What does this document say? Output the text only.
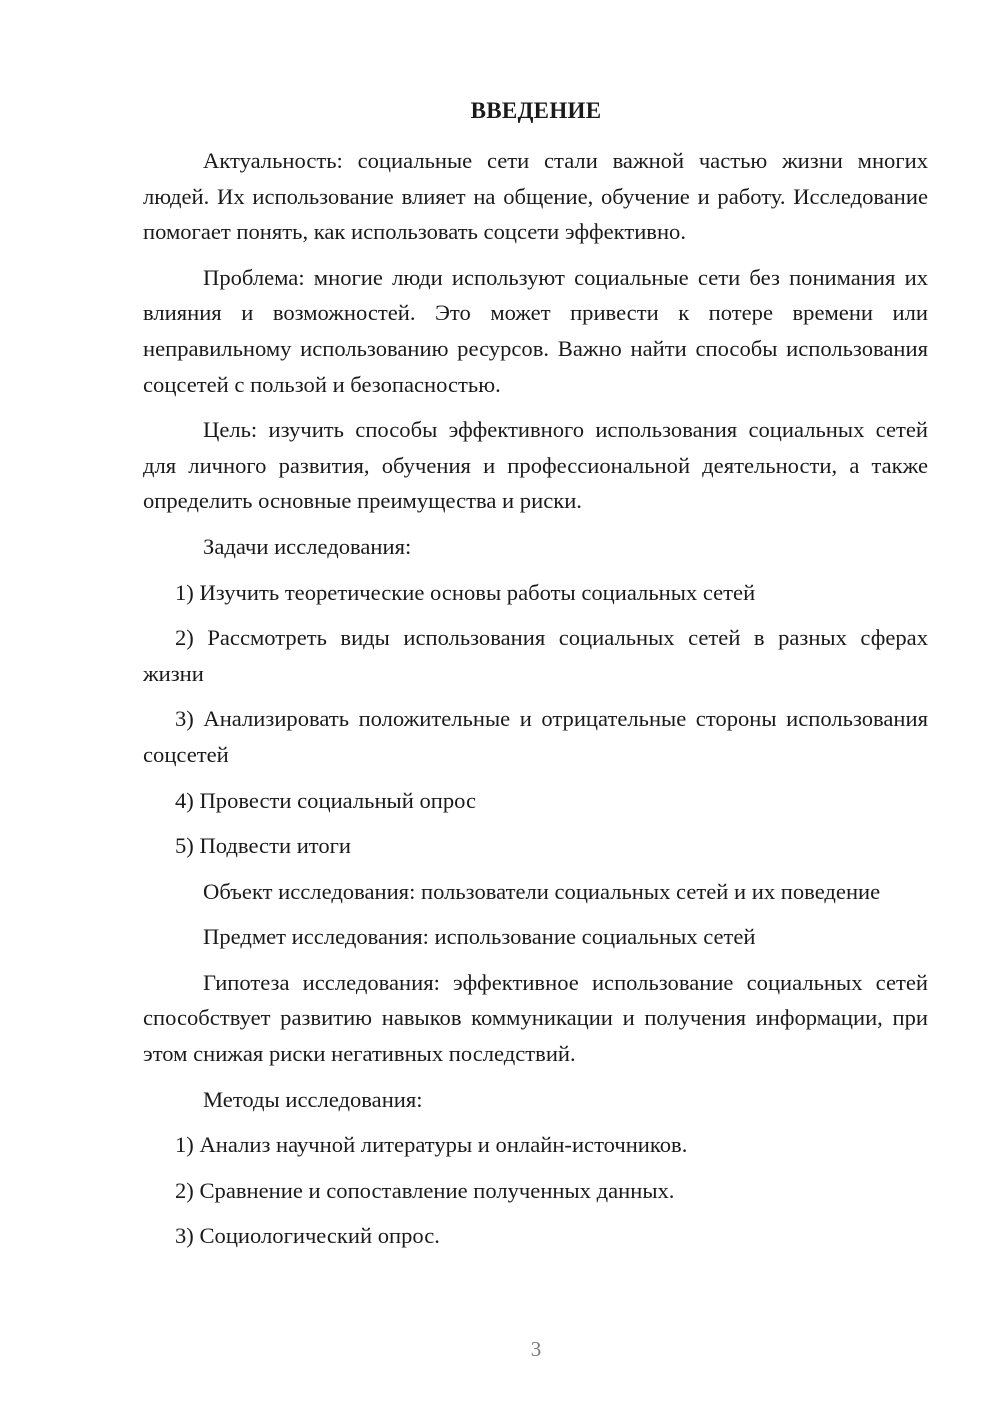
ВВЕДЕНИЕ

Актуальность: социальные сети стали важной частью жизни многих людей. Их использование влияет на общение, обучение и работу. Исследование помогает понять, как использовать соцсети эффективно.

Проблема: многие люди используют социальные сети без понимания их влияния и возможностей. Это может привести к потере времени или неправильному использованию ресурсов. Важно найти способы использования соцсетей с пользой и безопасностью.

Цель: изучить способы эффективного использования социальных сетей для личного развития, обучения и профессиональной деятельности, а также определить основные преимущества и риски.

Задачи исследования:

1) Изучить теоретические основы работы социальных сетей

2) Рассмотреть виды использования социальных сетей в разных сферах жизни

3) Анализировать положительные и отрицательные стороны использования соцсетей

4) Провести социальный опрос

5) Подвести итоги

Объект исследования: пользователи социальных сетей и их поведение

Предмет исследования: использование социальных сетей

Гипотеза исследования: эффективное использование социальных сетей способствует развитию навыков коммуникации и получения информации, при этом снижая риски негативных последствий.

Методы исследования:

1) Анализ научной литературы и онлайн-источников.

2) Сравнение и сопоставление полученных данных.

3) Социологический опрос.

3
